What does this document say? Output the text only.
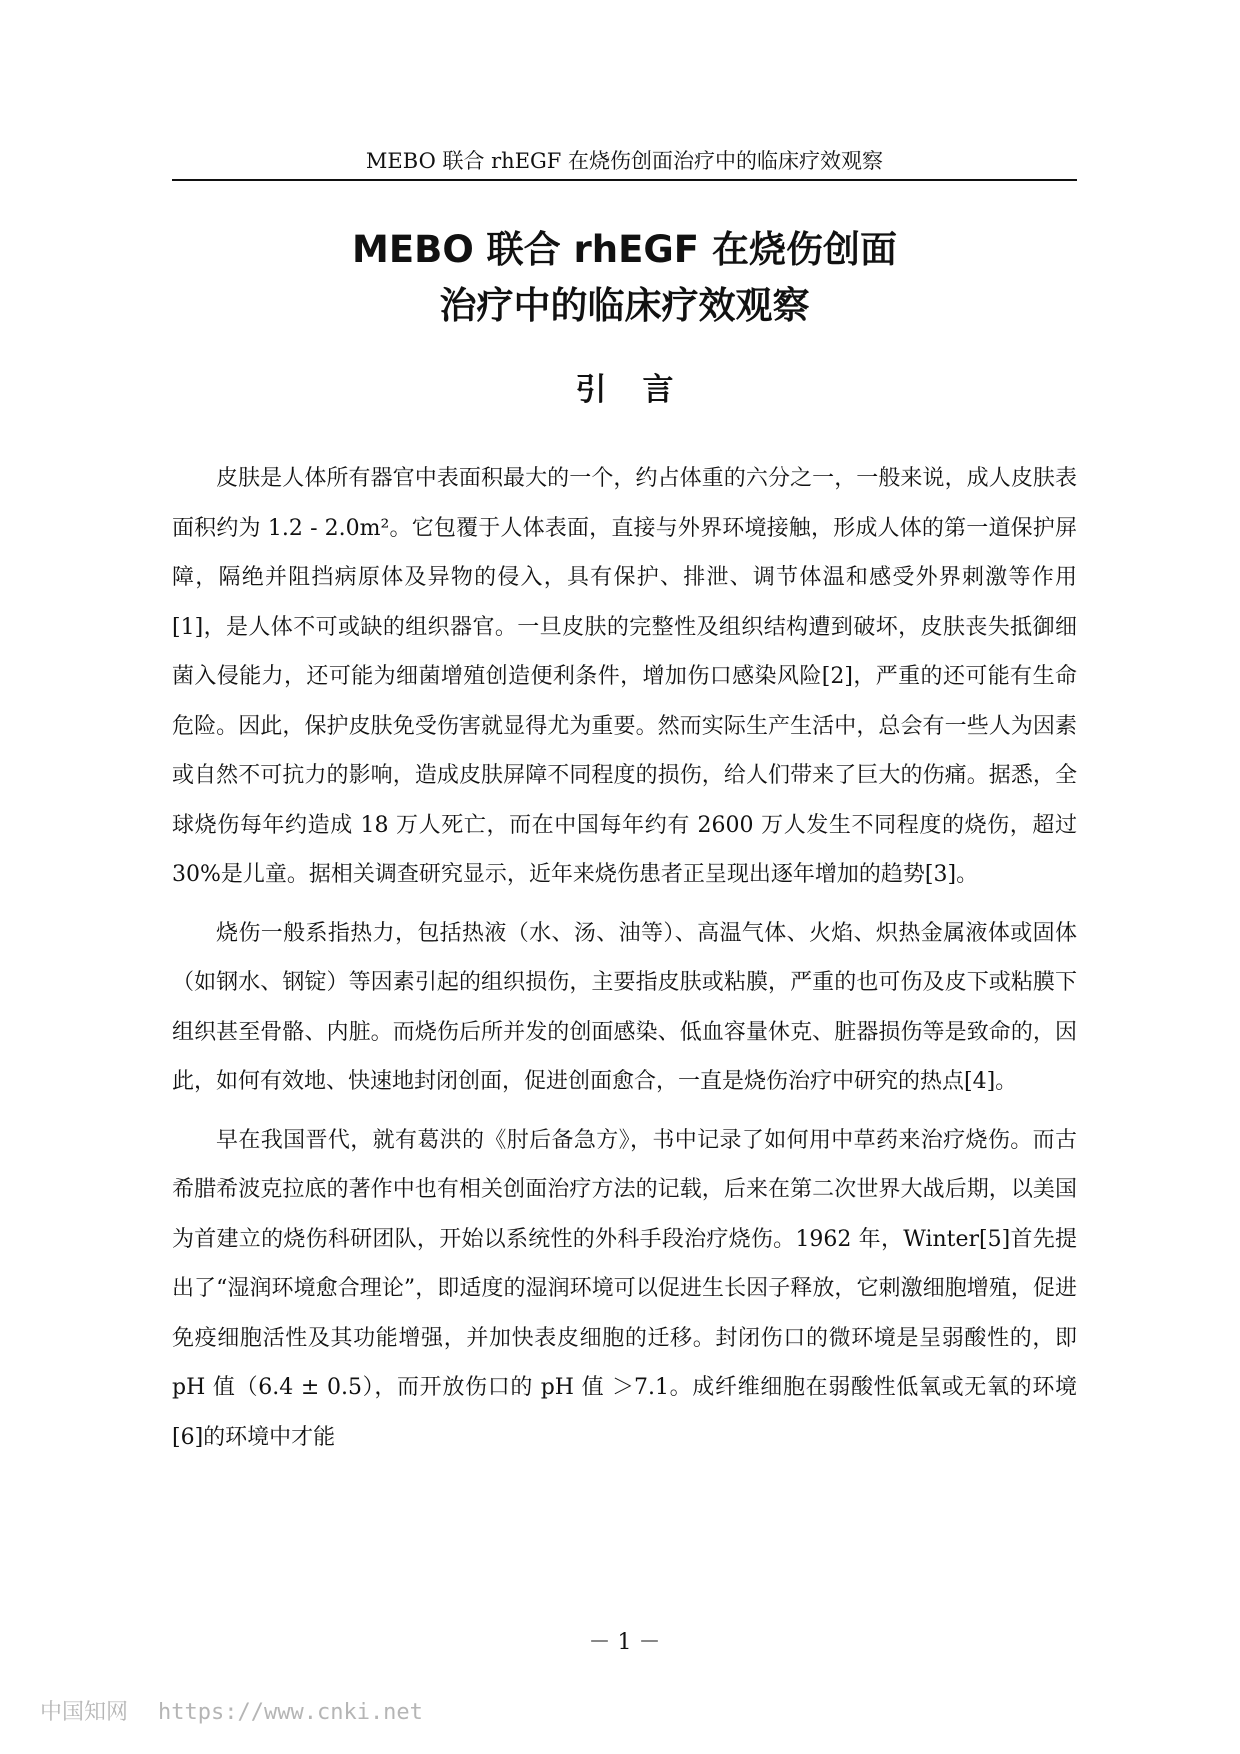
MEBO 联合 rhEGF 在烧伤创面治疗中的临床疗效观察
MEBO 联合 rhEGF 在烧伤创面
治疗中的临床疗效观察
引言

皮肤是人体所有器官中表面积最大的一个，约占体重的六分之一，一般来说，成人皮肤表面积约为 1.2 - 2.0m²。它包覆于人体表面，直接与外界环境接触，形成人体的第一道保护屏障，隔绝并阻挡病原体及异物的侵入，具有保护、排泄、调节体温和感受外界刺激等作用[1]，是人体不可或缺的组织器官。一旦皮肤的完整性及组织结构遭到破坏，皮肤丧失抵御细菌入侵能力，还可能为细菌增殖创造便利条件，增加伤口感染风险[2]，严重的还可能有生命危险。因此，保护皮肤免受伤害就显得尤为重要。然而实际生产生活中，总会有一些人为因素或自然不可抗力的影响，造成皮肤屏障不同程度的损伤，给人们带来了巨大的伤痛。据悉，全球烧伤每年约造成 18 万人死亡，而在中国每年约有 2600 万人发生不同程度的烧伤，超过 30%是儿童。据相关调查研究显示，近年来烧伤患者正呈现出逐年增加的趋势[3]。

烧伤一般系指热力，包括热液（水、汤、油等）、高温气体、火焰、炽热金属液体或固体（如钢水、钢锭）等因素引起的组织损伤，主要指皮肤或粘膜，严重的也可伤及皮下或粘膜下组织甚至骨骼、内脏。而烧伤后所并发的创面感染、低血容量休克、脏器损伤等是致命的，因此，如何有效地、快速地封闭创面，促进创面愈合，一直是烧伤治疗中研究的热点[4]。

早在我国晋代，就有葛洪的《肘后备急方》，书中记录了如何用中草药来治疗烧伤。而古希腊希波克拉底的著作中也有相关创面治疗方法的记载，后来在第二次世界大战后期，以美国为首建立的烧伤科研团队，开始以系统性的外科手段治疗烧伤。1962 年，Winter[5]首先提出了“湿润环境愈合理论”，即适度的湿润环境可以促进生长因子释放，它刺激细胞增殖，促进免疫细胞活性及其功能增强，并加快表皮细胞的迁移。封闭伤口的微环境是呈弱酸性的，即 pH 值（6.4 ± 0.5），而开放伤口的 pH 值 ＞7.1。成纤维细胞在弱酸性低氧或无氧的环境[6]的环境中才能

－ 1 －
中国知网 https://www.cnki.net
